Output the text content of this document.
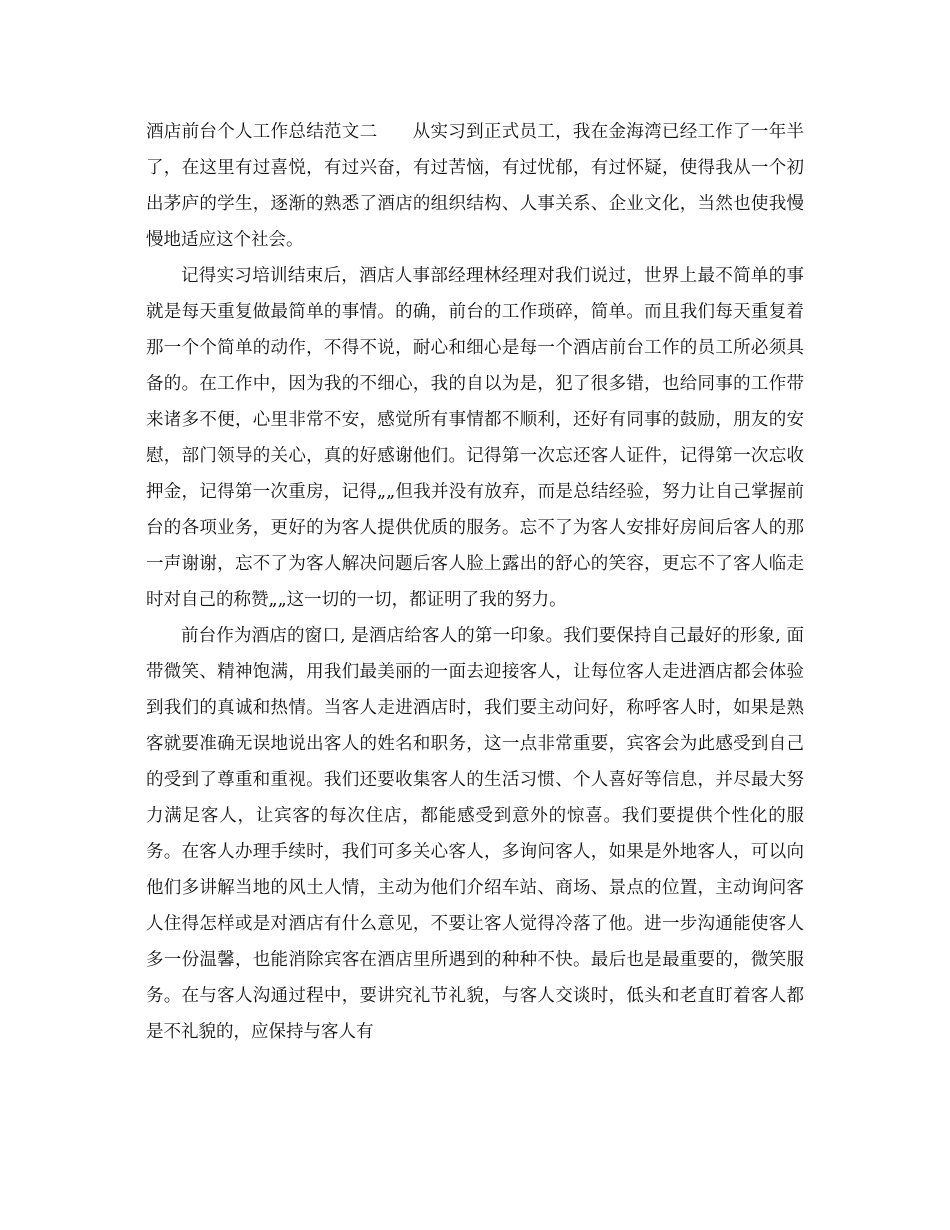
酒店前台个人工作总结范文二 从实习到正式员工，我在金海湾已经工作了一年半了，在这里有过喜悦，有过兴奋，有过苦恼，有过忧郁，有过怀疑，使得我从一个初出茅庐的学生，逐渐的熟悉了酒店的组织结构、人事关系、企业文化，当然也使我慢慢地适应这个社会。

记得实习培训结束后，酒店人事部经理林经理对我们说过，世界上最不简单的事就是每天重复做最简单的事情。的确，前台的工作琐碎，简单。而且我们每天重复着那一个个简单的动作，不得不说，耐心和细心是每一个酒店前台工作的员工所必须具备的。在工作中，因为我的不细心，我的自以为是，犯了很多错，也给同事的工作带来诸多不便，心里非常不安，感觉所有事情都不顺利，还好有同事的鼓励，朋友的安慰，部门领导的关心，真的好感谢他们。记得第一次忘还客人证件，记得第一次忘收押金，记得第一次重房，记得„„但我并没有放弃，而是总结经验，努力让自己掌握前台的各项业务，更好的为客人提供优质的服务。忘不了为客人安排好房间后客人的那一声谢谢，忘不了为客人解决问题后客人脸上露出的舒心的笑容，更忘不了客人临走时对自己的称赞„„这一切的一切，都证明了我的努力。

前台作为酒店的窗口, 是酒店给客人的第一印象。我们要保持自己最好的形象, 面带微笑、精神饱满，用我们最美丽的一面去迎接客人，让每位客人走进酒店都会体验到我们的真诚和热情。当客人走进酒店时，我们要主动问好，称呼客人时，如果是熟客就要准确无误地说出客人的姓名和职务，这一点非常重要，宾客会为此感受到自己的受到了尊重和重视。我们还要收集客人的生活习惯、个人喜好等信息，并尽最大努力满足客人，让宾客的每次住店，都能感受到意外的惊喜。我们要提供个性化的服务。在客人办理手续时，我们可多关心客人，多询问客人，如果是外地客人，可以向他们多讲解当地的风土人情，主动为他们介绍车站、商场、景点的位置，主动询问客人住得怎样或是对酒店有什么意见，不要让客人觉得冷落了他。进一步沟通能使客人多一份温馨，也能消除宾客在酒店里所遇到的种种不快。最后也是最重要的，微笑服务。在与客人沟通过程中，要讲究礼节礼貌，与客人交谈时，低头和老直盯着客人都是不礼貌的，应保持与客人有
